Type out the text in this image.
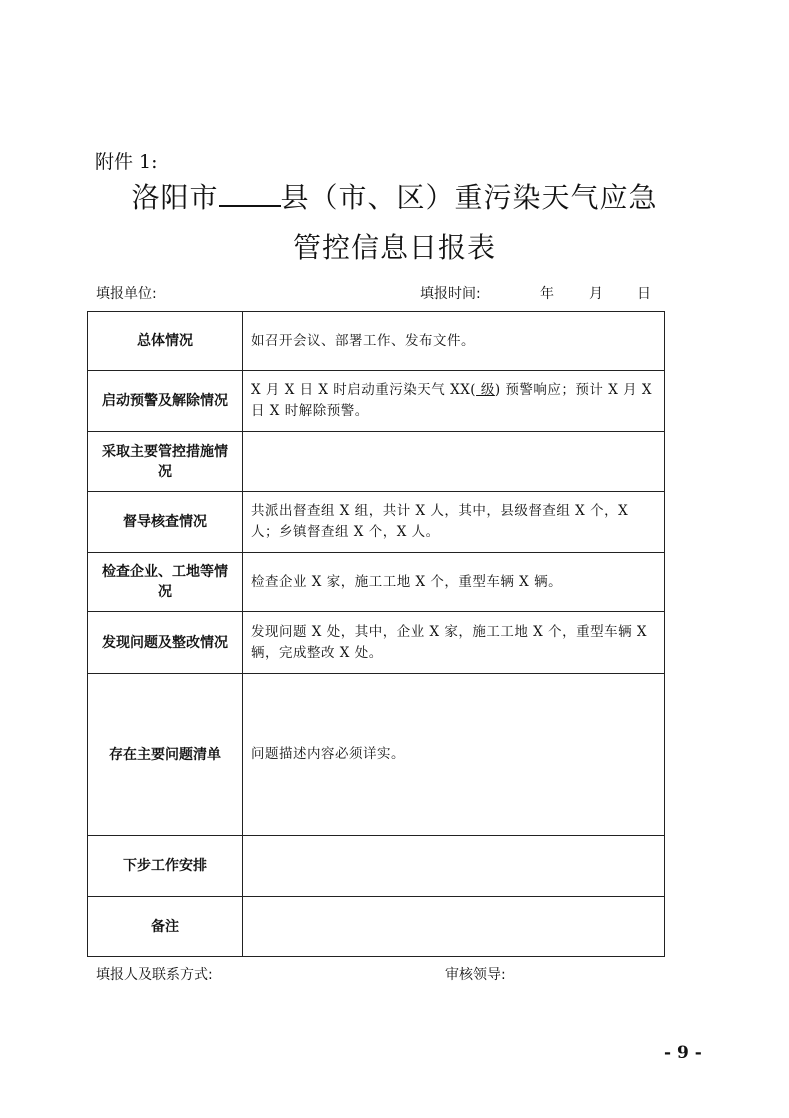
附件 1:
洛阳市 县（市、区）重污染天气应急
管控信息日报表
填报单位:	填报时间:	年	月 日
总体情况	如召开会议、部署工作、发布文件。
启动预警及解除情况	X 月 X 日 X 时启动重污染天气 XX( 级) 预警响应；预计 X 月 X 日 X 时解除预警。
采取主要管控措施情况	
督导核查情况	共派出督查组 X 组，共计 X 人，其中，县级督查组 X 个，X 人；乡镇督查组 X 个，X 人。
检查企业、工地等情况	检查企业 X 家，施工工地 X 个，重型车辆 X 辆。
发现问题及整改情况	发现问题 X 处，其中，企业 X 家，施工工地 X 个，重型车辆 X 辆，完成整改 X 处。
存在主要问题清单	问题描述内容必须详实。
下步工作安排	
备注	
填报人及联系方式:	审核领导:
- 9 -
